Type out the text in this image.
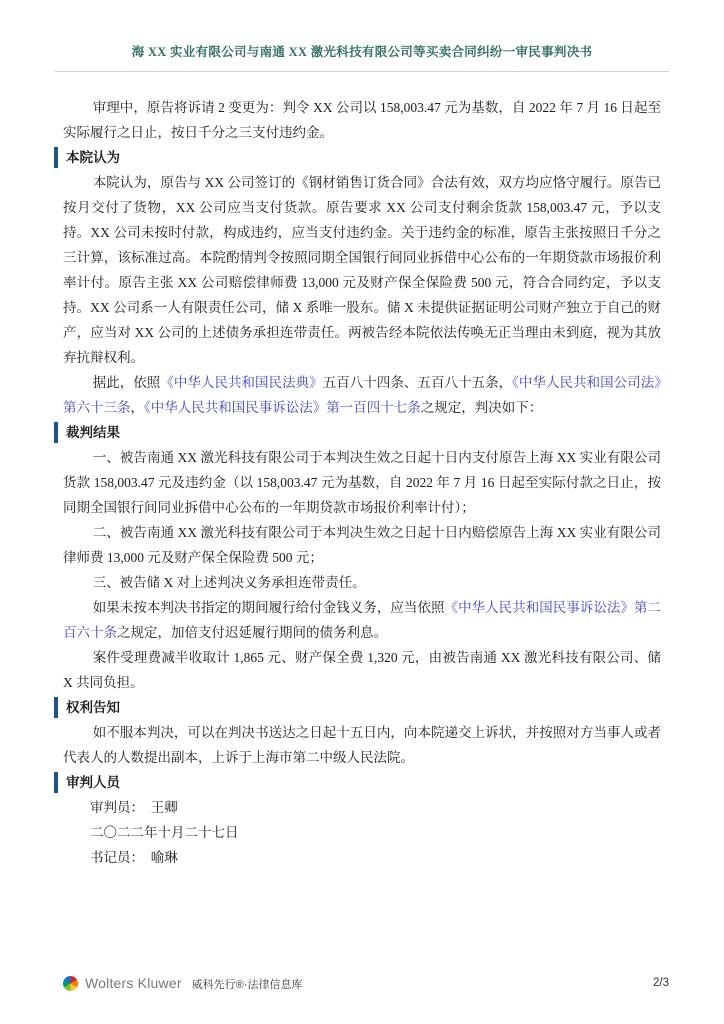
海 XX 实业有限公司与南通 XX 激光科技有限公司等买卖合同纠纷一审民事判决书

审理中，原告将诉请 2 变更为：判令 XX 公司以 158,003.47 元为基数，自 2022 年 7 月 16 日起至实际履行之日止，按日千分之三支付违约金。

本院认为

本院认为，原告与 XX 公司签订的《钢材销售订货合同》合法有效，双方均应恪守履行。原告已按月交付了货物，XX 公司应当支付货款。原告要求 XX 公司支付剩余货款 158,003.47 元，予以支持。XX 公司未按时付款，构成违约，应当支付违约金。关于违约金的标准，原告主张按照日千分之三计算，该标准过高。本院酌情判令按照同期全国银行间同业拆借中心公布的一年期贷款市场报价利率计付。原告主张 XX 公司赔偿律师费 13,000 元及财产保全保险费 500 元，符合合同约定，予以支持。XX 公司系一人有限责任公司，储 X 系唯一股东。储 X 未提供证据证明公司财产独立于自己的财产，应当对 XX 公司的上述债务承担连带责任。两被告经本院依法传唤无正当理由未到庭，视为其放弃抗辩权利。

据此，依照《中华人民共和国民法典》五百八十四条、五百八十五条，《中华人民共和国公司法》第六十三条，《中华人民共和国民事诉讼法》第一百四十七条之规定，判决如下：

裁判结果

一、被告南通 XX 激光科技有限公司于本判决生效之日起十日内支付原告上海 XX 实业有限公司货款 158,003.47 元及违约金（以 158,003.47 元为基数，自 2022 年 7 月 16 日起至实际付款之日止，按同期全国银行间同业拆借中心公布的一年期贷款市场报价利率计付）；

二、被告南通 XX 激光科技有限公司于本判决生效之日起十日内赔偿原告上海 XX 实业有限公司律师费 13,000 元及财产保全保险费 500 元；

三、被告储 X 对上述判决义务承担连带责任。

如果未按本判决书指定的期间履行给付金钱义务，应当依照《中华人民共和国民事诉讼法》第二百六十条之规定，加倍支付迟延履行期间的债务利息。

案件受理费减半收取计 1,865 元、财产保全费 1,320 元，由被告南通 XX 激光科技有限公司、储 X 共同负担。

权利告知

如不服本判决，可以在判决书送达之日起十五日内，向本院递交上诉状，并按照对方当事人或者代表人的人数提出副本，上诉于上海市第二中级人民法院。

审判人员

审判员：　王卿

二〇二二年十月二十七日

书记员：　喻琳

Wolters Kluwer 威科先行®·法律信息库	2/3
